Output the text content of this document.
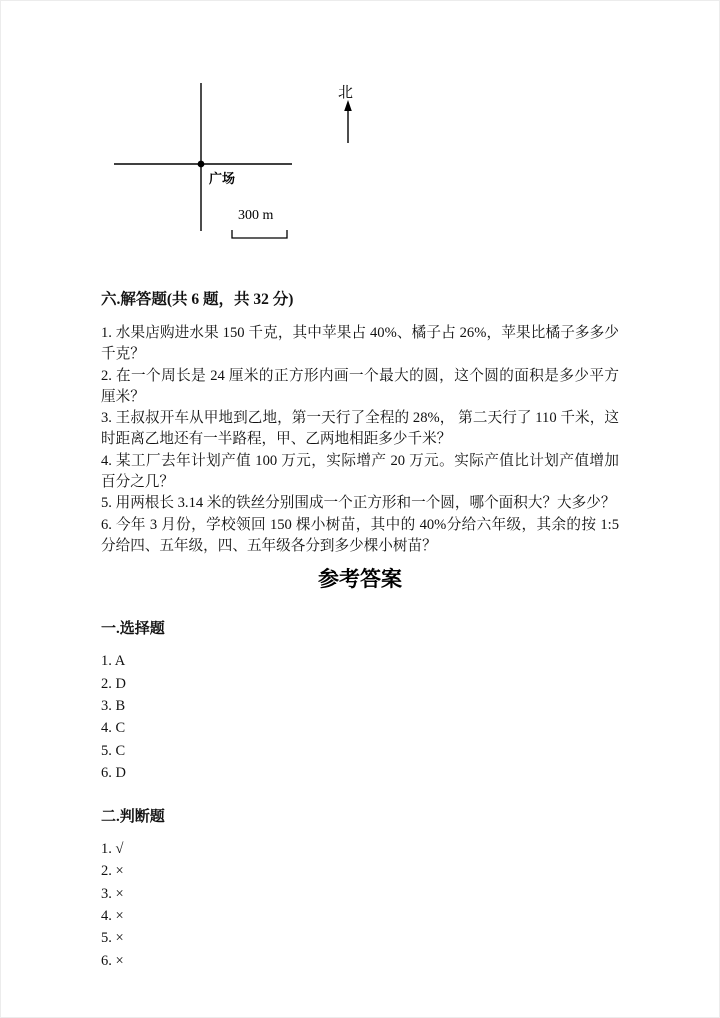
北
广场
300 m
六.解答题(共 6 题，共 32 分)

1. 水果店购进水果 150 千克，其中苹果占 40%、橘子占 26%，苹果比橘子多多少千克？

2. 在一个周长是 24 厘米的正方形内画一个最大的圆，这个圆的面积是多少平方厘米？

3. 王叔叔开车从甲地到乙地，第一天行了全程的 28%， 第二天行了 110 千米，这时距离乙地还有一半路程，甲、乙两地相距多少千米？

4. 某工厂去年计划产值 100 万元，实际增产 20 万元。实际产值比计划产值增加百分之几？

5. 用两根长 3.14 米的铁丝分别围成一个正方形和一个圆，哪个面积大？大多少？

6. 今年 3 月份，学校领回 150 棵小树苗，其中的 40%分给六年级，其余的按 1:5 分给四、五年级，四、五年级各分到多少棵小树苗？

参考答案
一.选择题
1. A
2. D
3. B
4. C
5. C
6. D
二.判断题
1. √
2. ×
3. ×
4. ×
5. ×
6. ×
